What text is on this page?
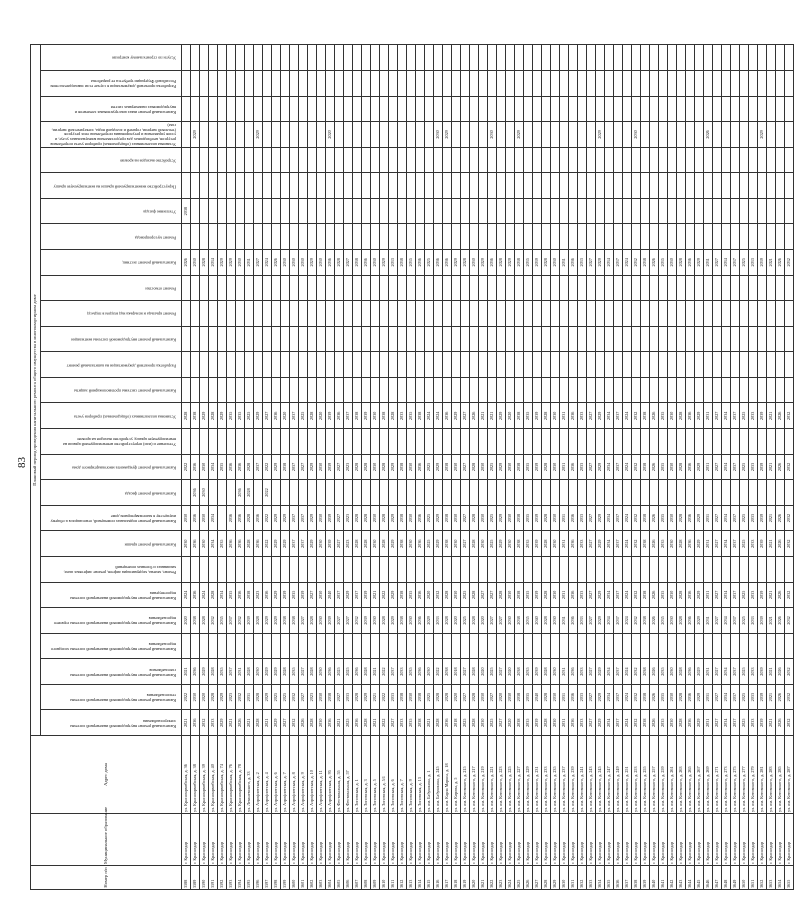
83
Номер п/п	Муниципальное образование	Адрес дома	Плановый период проведения капитального ремонта общего имущества в многоквартирном доме																										

			Капитальный ремонт внутридомовой инженерной системы электроснабжения	Капитальный ремонт внутридомовой инженерной системы теплоснабжения	Капитальный ремонт внутридомовой инженерной системы газоснабжения	Капитальный ремонт внутридомовой инженерной системы холодного водоснабжения	Капитальный ремонт внутридомовой инженерной системы горячего водоснабжения	Капитальный ремонт внутридомовой инженерной системы водоотведения	Ремонт, замена, модернизация лифтов, ремонт лифтовых шахт, машинных и блочных помещений	Капитальный ремонт крыши	Капитальный ремонт подвальных помещений, относящихся к общему имуществу в многоквартирном доме	Капитальный ремонт фасада	Капитальный ремонт фундамента многоквартирного дома	Утепление и (или) переустройство невентилируемой крыши на вентилируемую крышу, устройство выходов на кровлю	Установка коллективных (общедомовых) приборов учета	Капитальный ремонт системы противопожарной защиты	Разработка проектной документации на капитальный ремонт	Капитальный ремонт внутридомовой системы вентиляции	Ремонт крыльца и козырька над входом в подъезд	Ремонт отмостки	Капитальный ремонт лестниц	Ремонт мусоропровода	Утепление фасада	Переустройство невентилируемой крыши на вентилируемую крышу	Устройство выходов на кровлю	Установка коллективных (общедомовых) приборов учета потребления ресурсов, необходимых для предоставления коммунальных услуг, и узлов управления и регулирования потребления этих ресурсов (тепловой энергии, горячей и холодной воды, электрической энергии, газа)	Капитальный ремонт иных конструктивных элементов и внутридомовых инженерных систем	Разработка проектной документации в случае если законодательством Российской Федерации требуется ее разработка	Услуги по строительному контролю

3588	г. Краснодар	ул. Красноармейская, д. 36	2021	2022	2021		2020	2024		2030	2030		2022		2028						2026		2038						
3589	г. Краснодар	ул. Красноармейская, д. 38	2036	2030	2036		2038	2036		2036	2036	2036	2036		2038						2030					2029			
3590	г. Краснодар	ул. Красноармейская, д. 39	2032	2020	2029		2028	2024		2030	2030	2030	2030		2029						2028								
3591	г. Краснодар	ул. Красноармейская, д. 40	2033	2028	2028		2032	2028		2034	2034		2034		2028						2034								
3592	г. Краснодар	ул. Красноармейская, д. 74	2029	2029	2035		2035	2034		2035			2035		2029						2029								
3593	г. Краснодар	ул. Красноармейская, д. 76	2021	2023	2037		2037	2035		2036	2036		2036		2035						2029								
3594	г. Краснодар	ул. Красноармейская, д. 78	2026	2032	2031		2032	2036		2036	2036	2036	2036		2035						2030								
3595	г. Краснодар	ул. Леваневского, д. 33	2021	2031	2028		2039	2038		2028	2028	2028	2028		2025						2031								
3596	г. Краснодар	ул. Аэрофлотская, д. 2	2028	2028	2030		2028	2023		2036	2036		2037		2029						2027					2029			
3597	г. Краснодар	ул. Аэрофлотская, д. 4	2021	2029	2029		2029	2036		2022	2022	2022	2022		2027						2024								
3598	г. Краснодар	ул. Аэрофлотская, д. 6	2029	2025	2029		2029	2029		2029	2029		2029		2036						2026								
3599	г. Краснодар	ул. Аэрофлотская, д. 7	2027	2025	2028		2038	2039		2029	2029		2038		2020						2030								
3600	г. Краснодар	ул. Аэрофлотская, д. 8	2032	2032	2035		2038	2035		2037	2037		2037		2037						2030								
3601	г. Краснодар	ул. Аэрофлотская, д. 9	2026	2027	2027		2027	2039		2037	2037		2027		2025						2030								
3602	г. Краснодар	ул. Аэрофлотская, д. 10	2028	2023	2028		2028	2027		2029	2029		2029		2028						2029								
3603	г. Краснодар	ул. Аэрофлотская, д. 11	2030	2030	2030		2030	2030		2030	2030		2030		2020						2030								
3604	г. Краснодар	ул. Аэрофлотская, д. 95	2036	2038	2036		2039	2040		2039	2039		2039		2039						2036					2020			
3605	г. Краснодар	ул. Фестивальная, д. 55	2021	2027	2025		2027	2037		2027	2027		2027		2036						2028								
3606	г. Краснодар	ул. Фестивальная, д. 57	2025	2033	2025		2027	2029		2023	2023		2023		2037						2027								
3607	г. Краснодар	ул. Зиповская, д. 1	2036	2028	2036		2032	2037		2028	2028		2028		2038						2038								
3608	г. Краснодар	ул. Зиповская, д. 3	2028	2029	2028		2039	2039		2028	2028		2028		2039						2036								
3609	г. Краснодар	ул. Зиповская, д. 5	2021	2021	2021		2030	2021		2030	2030		2030		2030						2030								
3610	г. Краснодар	ул. Зиповская, д. 5/1	2022	2022	2022		2028	2022		2028	2028		2028		2038						2029								
3611	г. Краснодар	ул. Зиповская, д. 6	2027	2033	2037		2029	2029		2029	2029		2029		2028						2033								
3612	г. Краснодар	ул. Зиповская, д. 7	2033	2038	2033		2038	2038		2038	2038		2038		2033						2038								
3613	г. Краснодар	ул. Зиповская, д. 9	2035	2030	2035		2030	2035		2030	2030		2030		2035						2035								
3614	г. Краснодар	ул. Зиповская, д. 13	2038	2038	2036		2036	2036		2036	2036		2036		2038						2036								
3615	г. Краснодар	ул. им. Бабушкина, д. 1	2021	2025	2030		2029	2020		2025	2025		2025		2024						2025								
3616	г. Краснодар	ул. им. Бабушкина, д. 245	2028	2028	2022		2033	2032		2029	2029		2029		2024						2036					2030			
3617	г. Краснодар	ул. им. Карла Маркса, д. 18	2036	2028	2038		2028	2028		2038	2038		2038		2036						2036					2029			
3618	г. Краснодар	ул. им. Кирова, д. 5	2018	2020	2018		2020	2030		2030	2030		2030		2029						2029								
3619	г. Краснодар	ул. им. Котовского, д. 215	2025	2027	2027		2025	2025		2027	2027		2027		2027						2028								
3620	г. Краснодар	ул. им. Котовского, д. 217	2028	2028	2028		2028	2028		2028	2028		2028		2026						2030								
3621	г. Краснодар	ул. им. Котовского, д. 219	2030	2030	2020		2020	2027		2030	2030		2030		2021						2029								
3622	г. Краснодар	ул. им. Котовского, д. 221	2025	2027	2025		2027	2027		2025	2025		2025		2021						2036					2030			
3623	г. Краснодар	ул. им. Котовского, д. 223	2027	2020	2027		2027	2028		2029	2029		2029		2029						2028								
3624	г. Краснодар	ул. им. Котовского, д. 225	2020	2030	2020		2030	2030		2030	2030		2030		2020						2029								
3625	г. Краснодар	ул. им. Котовского, д. 227	2038	2038	2038		2038	2038		2038	2038		2038		2038						2038					2029			
3626	г. Краснодар	ул. им. Котовского, д. 229	2035	2035	2035		2035	2035		2035	2035		2035		2035						2035								
3627	г. Краснодар	ул. им. Котовского, д. 231	2039	2040	2039		2040	2039		2039	2039		2039		2039						2039								
3628	г. Краснодар	ул. им. Котовского, д. 233	2028	2028	2028		2028	2028		2028	2028		2028		2028						2028								
3629	г. Краснодар	ул. им. Котовского, д. 235	2030	2030	2030		2030	2030		2030	2030		2030		2030						2030								
3630	г. Краснодар	ул. им. Котовского, д. 237	2031	2031	2031		2031	2031		2031	2031		2031		2031						2031								
3631	г. Краснодар	ул. им. Котовского, д. 239	2036	2036	2036		2036	2036		2036	2036		2036		2036						2036								
3632	г. Краснодар	ул. им. Котовского, д. 241	2033	2033	2033		2033	2033		2033	2033		2033		2033						2033								
3633	г. Краснодар	ул. им. Котовского, д. 243	2027	2027	2027		2027	2027		2027	2027		2027		2027						2027								
3634	г. Краснодар	ул. им. Котовского, д. 245	2029	2029	2029		2029	2029		2029	2029		2029		2029						2029					2029			
3635	г. Краснодар	ул. им. Котовского, д. 247	2034	2034	2034		2034	2034		2034	2034		2034		2034						2034								
3636	г. Краснодар	ул. им. Котовского, д. 249	2037	2037	2037		2037	2037		2037	2037		2037		2037						2037								
3637	г. Краснодар	ул. им. Котовского, д. 251	2024	2024	2024		2024	2024		2024	2024		2024		2024						2024								
3638	г. Краснодар	ул. им. Котовского, д. 253	2032	2032	2032		2032	2032		2032	2032		2032		2032						2032					2030			
3639	г. Краснодар	ул. им. Котовского, д. 255	2038	2038	2038		2038	2038		2038	2038		2038		2038						2038								
3640	г. Краснодар	ул. им. Котовского, д. 257	2026	2026	2026		2026	2026		2026	2026		2026		2026						2026								
3641	г. Краснодар	ул. им. Котовского, д. 259	2035	2035	2035		2035	2035		2035	2035		2035		2035						2035								
3642	г. Краснодар	ул. им. Котовского, д. 261	2030	2030	2030		2030	2030		2030	2030		2030		2030						2030								
3643	г. Краснодар	ул. им. Котовского, д. 263	2028	2028	2028		2028	2028		2028	2028		2028		2028						2028								
3644	г. Краснодар	ул. им. Котовского, д. 265	2036	2036	2036		2036	2036		2036	2036		2036		2036						2036								
3645	г. Краснодар	ул. им. Котовского, д. 267	2029	2029	2029		2029	2029		2029	2029		2029		2029						2029								
3646	г. Краснодар	ул. им. Котовского, д. 269	2031	2031	2031		2031	2031		2031	2031		2031		2031						2031					2026			
3647	г. Краснодар	ул. им. Котовского, д. 271	2027	2027	2027		2027	2027		2027	2027		2027		2027						2027								
3648	г. Краснодар	ул. им. Котовского, д. 273	2034	2034	2034		2034	2034		2034	2034		2034		2034						2034								
3649	г. Краснодар	ул. им. Котовского, д. 275	2037	2037	2037		2037	2037		2037	2037		2037		2037						2037								
3650	г. Краснодар	ул. им. Котовского, д. 277	2025	2025	2025		2025	2025		2025	2025		2025		2025						2025								
3651	г. Краснодар	ул. им. Котовского, д. 279	2033	2033	2033		2033	2033		2033	2033		2033		2033						2033								
3652	г. Краснодар	ул. им. Котовского, д. 281	2039	2039	2039		2039	2039		2039	2039		2039		2039						2039					2029			
3653	г. Краснодар	ул. им. Котовского, д. 283	2021	2021	2021		2021	2021		2021	2021		2021		2021						2021								
3654	г. Краснодар	ул. им. Котовского, д. 285	2026	2026	2026		2026	2026		2026	2026		2026		2026						2026								
3655	г. Краснодар	ул. им. Котовского, д. 287	2032	2032	2032		2032	2032		2032	2032		2032		2032						2032								
